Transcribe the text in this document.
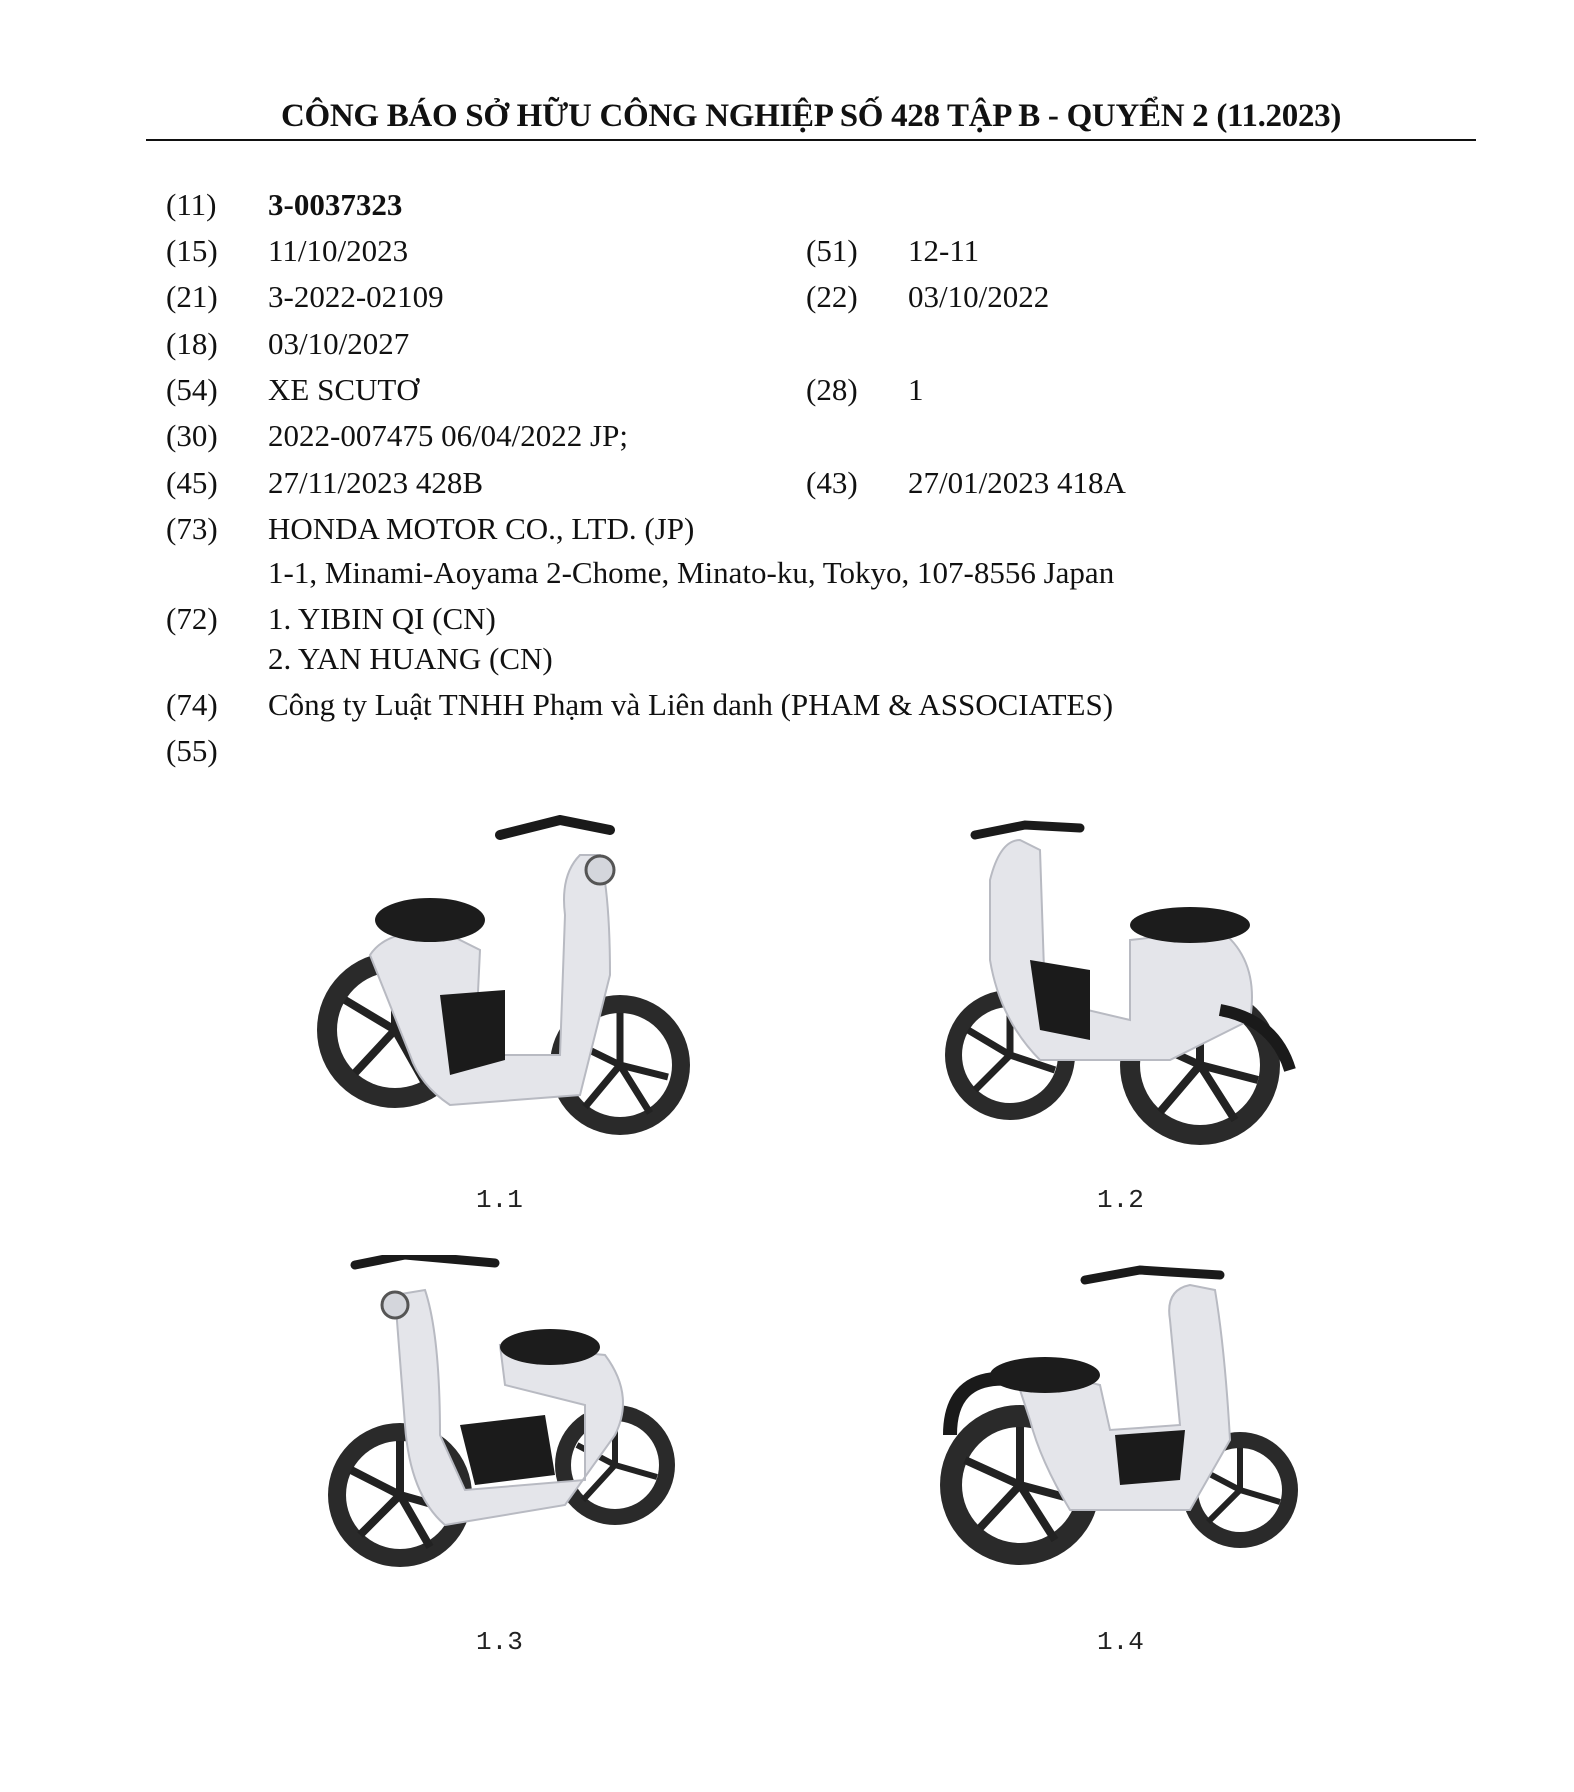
CÔNG BÁO SỞ HỮU CÔNG NGHIỆP SỐ 428 TẬP B - QUYỂN 2 (11.2023)
(11) 3-0037323
(15) 11/10/2023
(21) 3-2022-02109
(18) 03/10/2027
(54) XE SCUTƠ
(30) 2022-007475 06/04/2022 JP;
(45) 27/11/2023 428B
(73) HONDA MOTOR CO., LTD. (JP)
1-1, Minami-Aoyama 2-Chome, Minato-ku, Tokyo, 107-8556 Japan
(72) 1. YIBIN QI (CN)
2. YAN HUANG (CN)
(74) Công ty Luật TNHH Phạm và Liên danh (PHAM & ASSOCIATES)
(55)
(51) 12-11
(22) 03/10/2022
(28) 1
(43) 27/01/2023 418A
1.1	1.2
1.3	1.4
